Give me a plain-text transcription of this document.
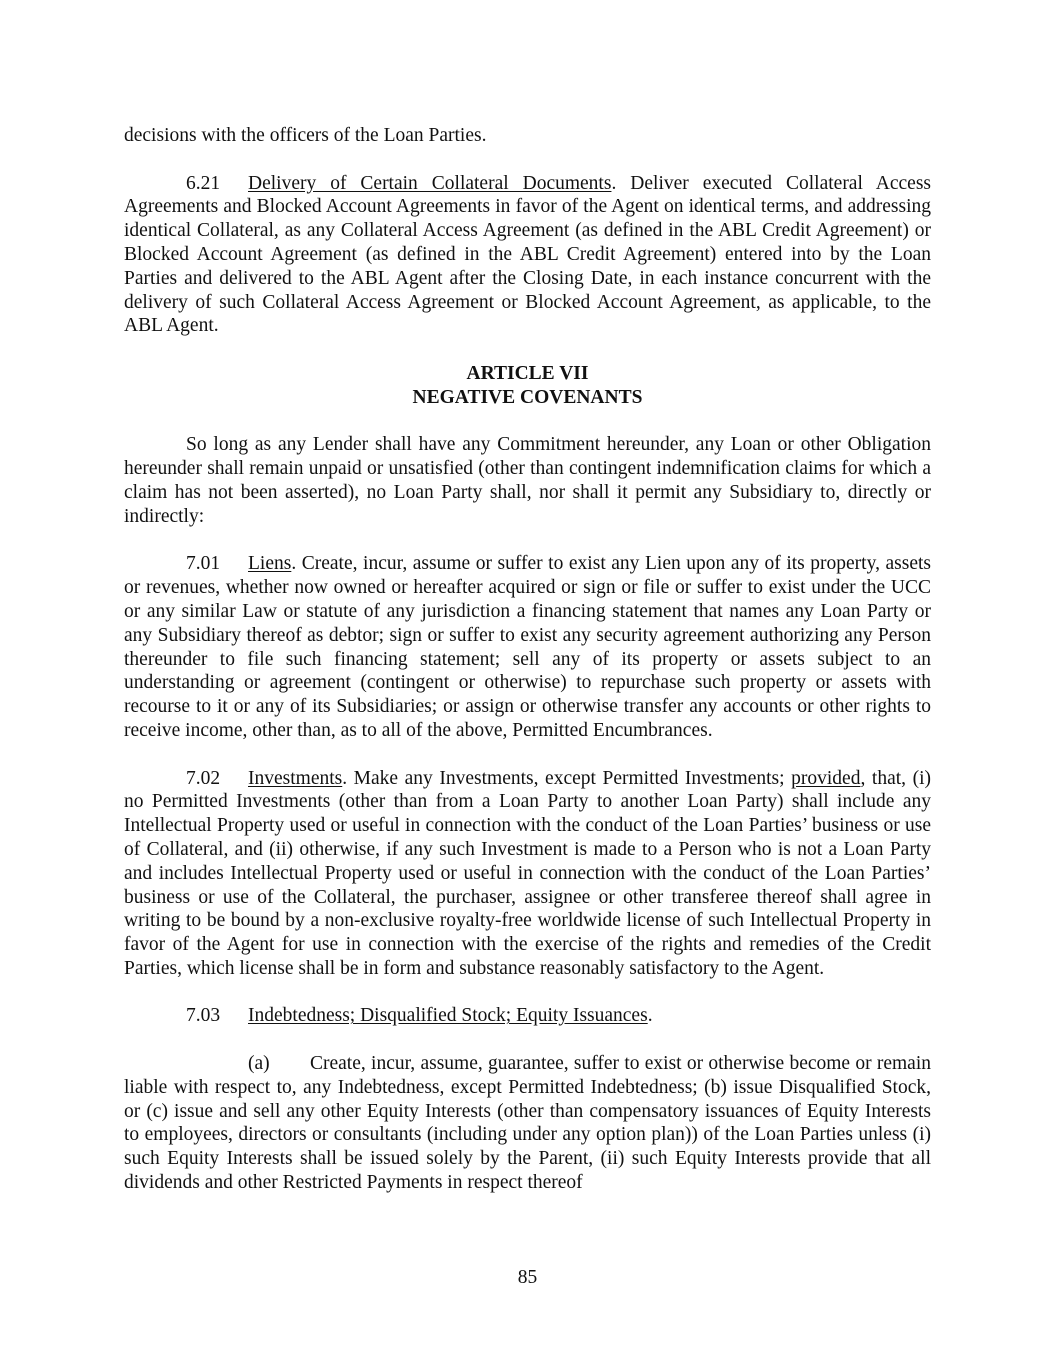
decisions with the officers of the Loan Parties.

6.21 Delivery of Certain Collateral Documents. Deliver executed Collateral Access Agreements and Blocked Account Agreements in favor of the Agent on identical terms, and addressing identical Collateral, as any Collateral Access Agreement (as defined in the ABL Credit Agreement) or Blocked Account Agreement (as defined in the ABL Credit Agreement) entered into by the Loan Parties and delivered to the ABL Agent after the Closing Date, in each instance concurrent with the delivery of such Collateral Access Agreement or Blocked Account Agreement, as applicable, to the ABL Agent.

ARTICLE VII
NEGATIVE COVENANTS

So long as any Lender shall have any Commitment hereunder, any Loan or other Obligation hereunder shall remain unpaid or unsatisfied (other than contingent indemnification claims for which a claim has not been asserted), no Loan Party shall, nor shall it permit any Subsidiary to, directly or indirectly:

7.01 Liens. Create, incur, assume or suffer to exist any Lien upon any of its property, assets or revenues, whether now owned or hereafter acquired or sign or file or suffer to exist under the UCC or any similar Law or statute of any jurisdiction a financing statement that names any Loan Party or any Subsidiary thereof as debtor; sign or suffer to exist any security agreement authorizing any Person thereunder to file such financing statement; sell any of its property or assets subject to an understanding or agreement (contingent or otherwise) to repurchase such property or assets with recourse to it or any of its Subsidiaries; or assign or otherwise transfer any accounts or other rights to receive income, other than, as to all of the above, Permitted Encumbrances.

7.02 Investments. Make any Investments, except Permitted Investments; provided, that, (i) no Permitted Investments (other than from a Loan Party to another Loan Party) shall include any Intellectual Property used or useful in connection with the conduct of the Loan Parties’ business or use of Collateral, and (ii) otherwise, if any such Investment is made to a Person who is not a Loan Party and includes Intellectual Property used or useful in connection with the conduct of the Loan Parties’ business or use of the Collateral, the purchaser, assignee or other transferee thereof shall agree in writing to be bound by a non-exclusive royalty-free worldwide license of such Intellectual Property in favor of the Agent for use in connection with the exercise of the rights and remedies of the Credit Parties, which license shall be in form and substance reasonably satisfactory to the Agent.

7.03 Indebtedness; Disqualified Stock; Equity Issuances.

(a) Create, incur, assume, guarantee, suffer to exist or otherwise become or remain liable with respect to, any Indebtedness, except Permitted Indebtedness; (b) issue Disqualified Stock, or (c) issue and sell any other Equity Interests (other than compensatory issuances of Equity Interests to employees, directors or consultants (including under any option plan)) of the Loan Parties unless (i) such Equity Interests shall be issued solely by the Parent, (ii) such Equity Interests provide that all dividends and other Restricted Payments in respect thereof

85
